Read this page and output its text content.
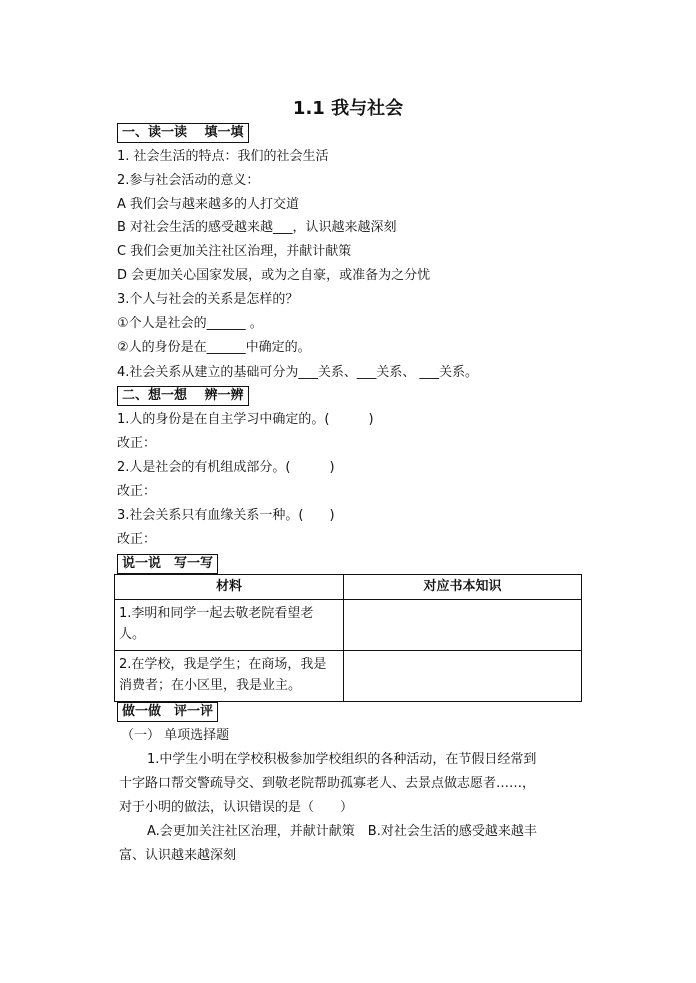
1.1 我与社会
一、读一读　 填一填
1. 社会生活的特点：我们的社会生活
2.参与社会活动的意义：
A 我们会与越来越多的人打交道
B 对社会生活的感受越来越___，认识越来越深刻
C 我们会更加关注社区治理，并献计献策
D 会更加关心国家发展，或为之自豪，或准备为之分忧
3.个人与社会的关系是怎样的？
①个人是社会的______ 。
②人的身份是在______中确定的。
4.社会关系从建立的基础可分为___关系、___关系、 ___关系。
二、想一想　 辨一辨
1.人的身份是在自主学习中确定的。(　　　)
改正：
2.人是社会的有机组成部分。(　　　)
改正：
3.社会关系只有血缘关系一种。(　　)
改正：
说一说　写一写
材料	对应书本知识
1.李明和同学一起去敬老院看望老人。	
2.在学校，我是学生；在商场，我是消费者；在小区里，我是业主。	
做一做　评一评
（一） 单项选择题
1.中学生小明在学校积极参加学校组织的各种活动，在节假日经常到
十字路口帮交警疏导交、到敬老院帮助孤寡老人、去景点做志愿者……，
对于小明的做法，认识错误的是（　　）
A.会更加关注社区治理，并献计献策　B.对社会生活的感受越来越丰
富、认识越来越深刻
